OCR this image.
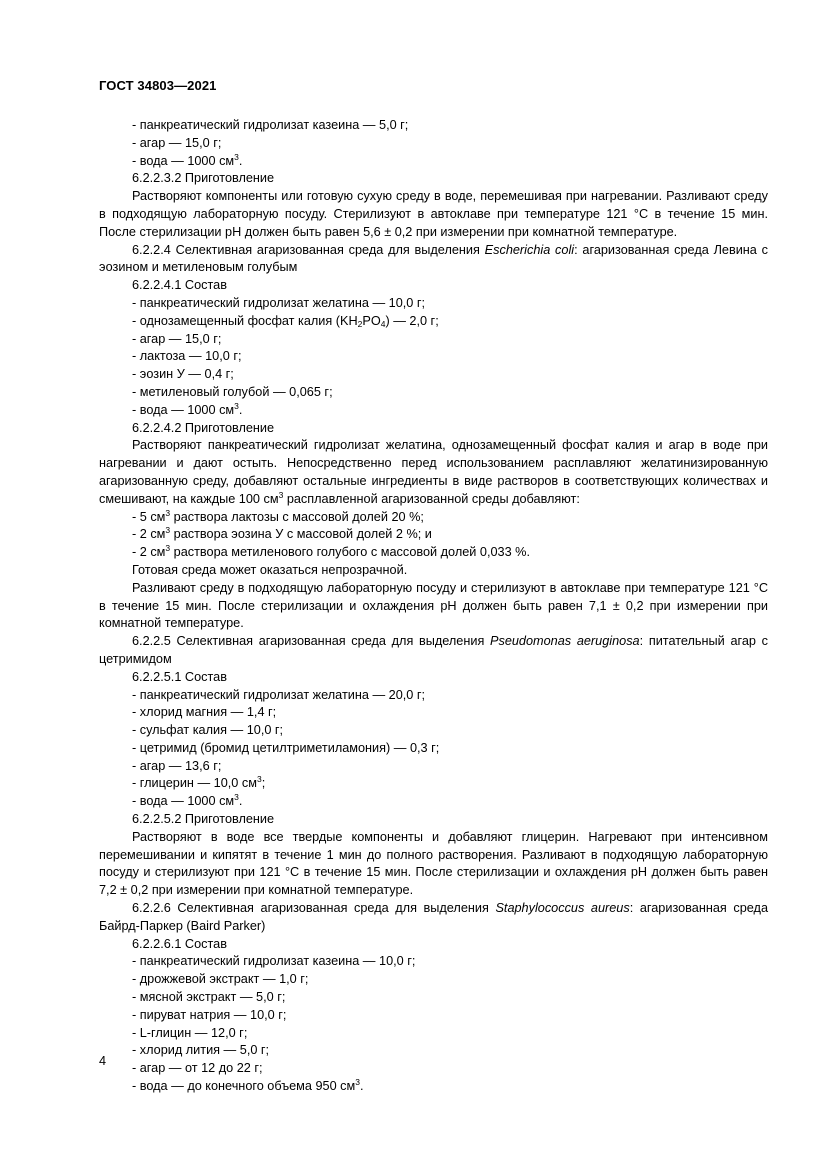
ГОСТ 34803—2021
- панкреатический гидролизат казеина — 5,0 г;
- агар — 15,0 г;
- вода — 1000 $см^3$.
6.2.2.3.2 Приготовление
Растворяют компоненты или готовую сухую среду в воде, перемешивая при нагревании. Разливают среду в подходящую лабораторную посуду. Стерилизуют в автоклаве при температуре 121 °С в течение 15 мин. После стерилизации pH должен быть равен 5,6 ± 0,2 при измерении при комнатной температуре.
6.2.2.4 Селективная агаризованная среда для выделения Escherichia coli: агаризованная среда Левина с эозином и метиленовым голубым
6.2.2.4.1 Состав
- панкреатический гидролизат желатина — 10,0 г;
- однозамещенный фосфат калия $(KH_2PO_4)$ — 2,0 г;
- агар — 15,0 г;
- лактоза — 10,0 г;
- эозин У — 0,4 г;
- метиленовый голубой — 0,065 г;
- вода — 1000 $см^3$.
6.2.2.4.2 Приготовление
Растворяют панкреатический гидролизат желатина, однозамещенный фосфат калия и агар в воде при нагревании и дают остыть. Непосредственно перед использованием расплавляют желатинизированную агаризованную среду, добавляют остальные ингредиенты в виде растворов в соответствующих количествах и смешивают, на каждые 100 $см^3$ расплавленной агаризованной среды добавляют:
- 5 $см^3$ раствора лактозы с массовой долей 20 %;
- 2 $см^3$ раствора эозина У с массовой долей 2 %; и
- 2 $см^3$ раствора метиленового голубого с массовой долей 0,033 %.
Готовая среда может оказаться непрозрачной.
Разливают среду в подходящую лабораторную посуду и стерилизуют в автоклаве при температуре 121 °С в течение 15 мин. После стерилизации и охлаждения pH должен быть равен 7,1 ± 0,2 при измерении при комнатной температуре.
6.2.2.5 Селективная агаризованная среда для выделения Pseudomonas aeruginosa: питательный агар с цетримидом
6.2.2.5.1 Состав
- панкреатический гидролизат желатина — 20,0 г;
- хлорид магния — 1,4 г;
- сульфат калия — 10,0 г;
- цетримид (бромид цетилтриметиламония) — 0,3 г;
- агар — 13,6 г;
- глицерин — 10,0 $см^3$;
- вода — 1000 $см^3$.
6.2.2.5.2 Приготовление
Растворяют в воде все твердые компоненты и добавляют глицерин. Нагревают при интенсивном перемешивании и кипятят в течение 1 мин до полного растворения. Разливают в подходящую лабораторную посуду и стерилизуют при 121 °С в течение 15 мин. После стерилизации и охлаждения pH должен быть равен 7,2 ± 0,2 при измерении при комнатной температуре.
6.2.2.6 Селективная агаризованная среда для выделения Staphylococcus aureus: агаризованная среда Байрд-Паркер (Baird Parker)
6.2.2.6.1 Состав
- панкреатический гидролизат казеина — 10,0 г;
- дрожжевой экстракт — 1,0 г;
- мясной экстракт — 5,0 г;
- пируват натрия — 10,0 г;
- L-глицин — 12,0 г;
- хлорид лития — 5,0 г;
- агар — от 12 до 22 г;
- вода — до конечного объема 950 $см^3$.
4
